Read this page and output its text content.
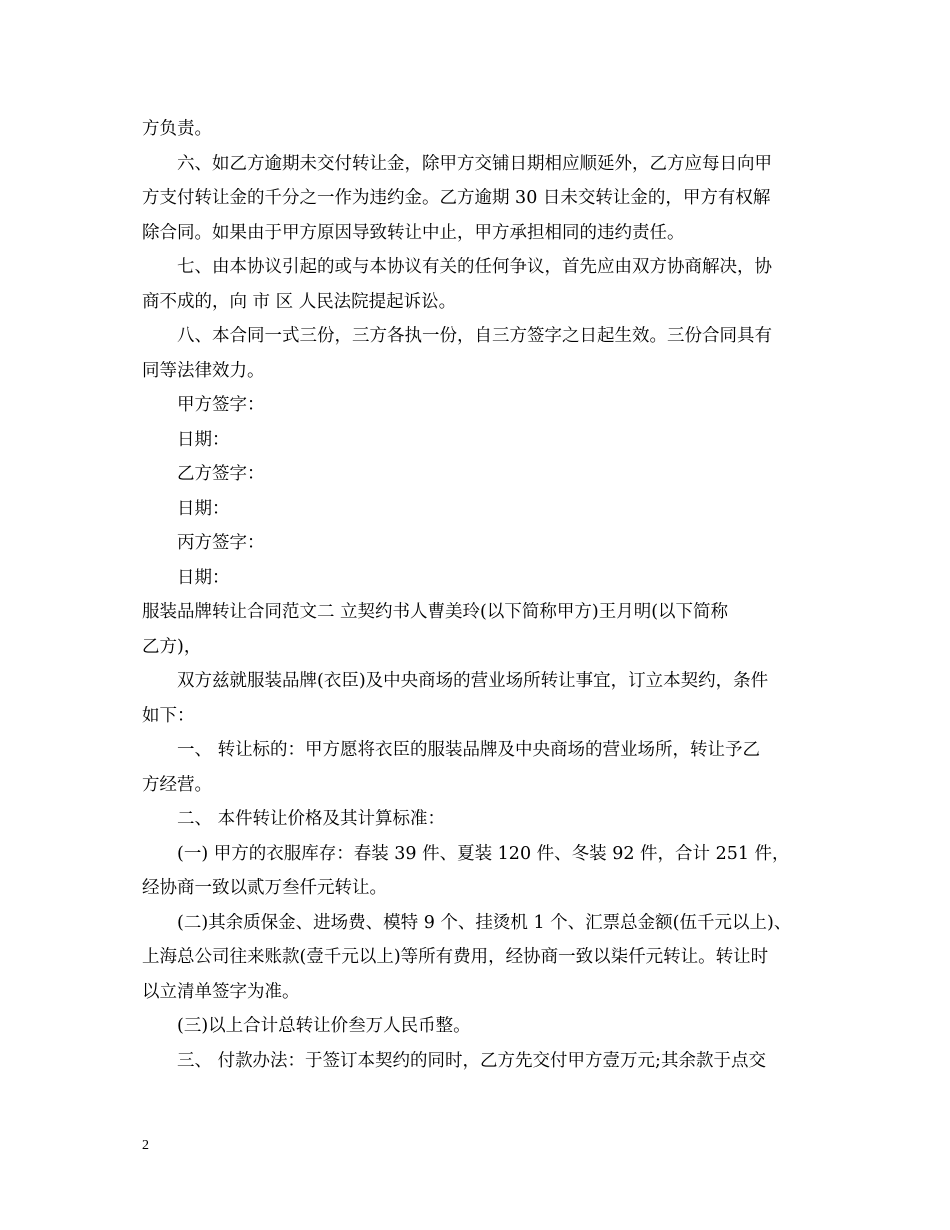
方负责。
六、如乙方逾期未交付转让金，除甲方交铺日期相应顺延外，乙方应每日向甲
方支付转让金的千分之一作为违约金。乙方逾期 30 日未交转让金的，甲方有权解
除合同。如果由于甲方原因导致转让中止，甲方承担相同的违约责任。
七、由本协议引起的或与本协议有关的任何争议，首先应由双方协商解决，协
商不成的，向 市 区 人民法院提起诉讼。
八、本合同一式三份，三方各执一份，自三方签字之日起生效。三份合同具有
同等法律效力。
甲方签字：
日期：
乙方签字：
日期：
丙方签字：
日期：
服装品牌转让合同范文二 立契约书人曹美玲(以下简称甲方)王月明(以下简称
乙方)，
双方兹就服装品牌(衣臣)及中央商场的营业场所转让事宜，订立本契约，条件
如下：
一、 转让标的：甲方愿将衣臣的服装品牌及中央商场的营业场所，转让予乙
方经营。
二、 本件转让价格及其计算标准：
(一) 甲方的衣服库存：春装 39 件、夏装 120 件、冬装 92 件，合计 251 件，
经协商一致以贰万叁仟元转让。
(二)其余质保金、进场费、模特 9 个、挂烫机 1 个、汇票总金额(伍千元以上)、
上海总公司往来账款(壹千元以上)等所有费用，经协商一致以柒仟元转让。转让时
以立清单签字为准。
(三)以上合计总转让价叁万人民币整。
三、 付款办法：于签订本契约的同时，乙方先交付甲方壹万元;其余款于点交
2
